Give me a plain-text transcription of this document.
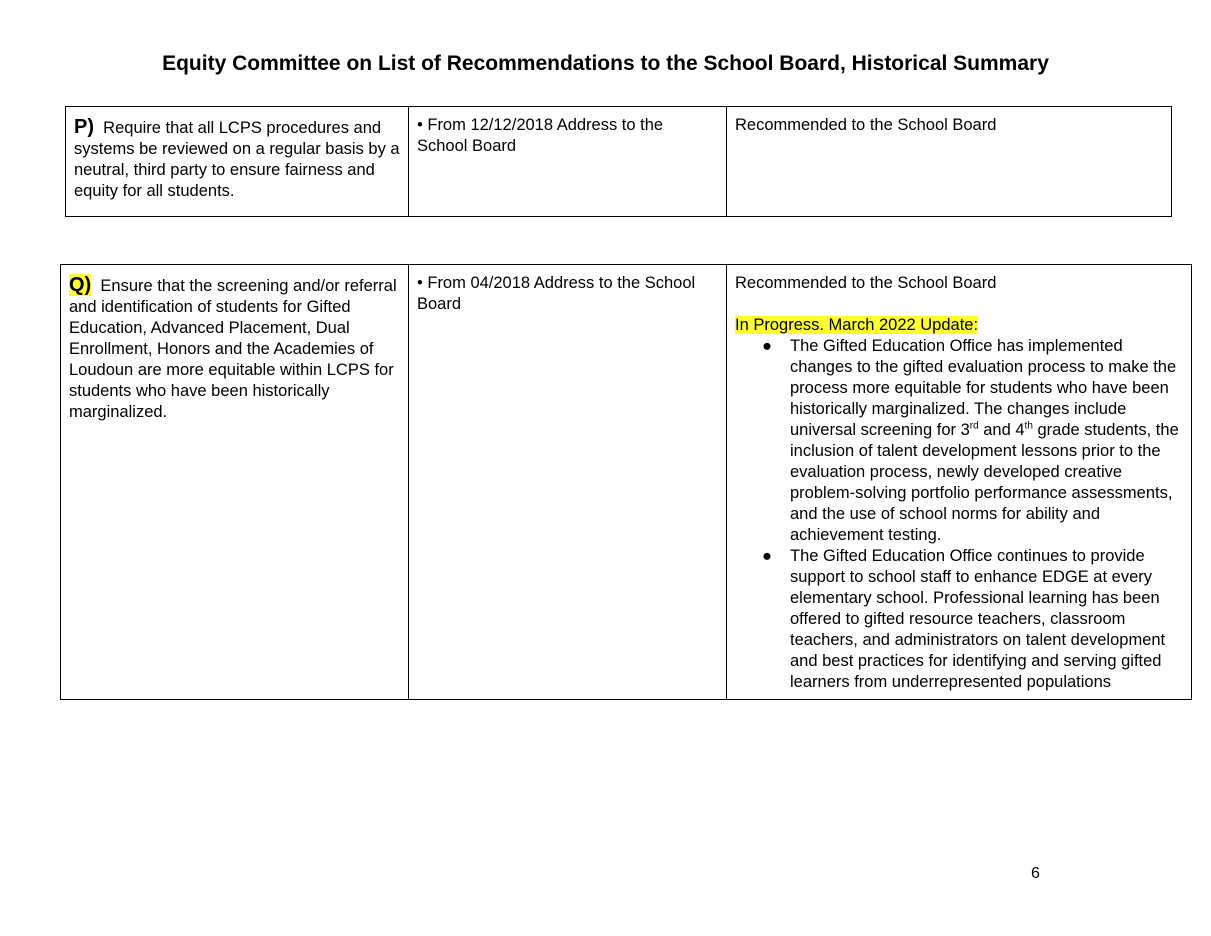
Equity Committee on List of Recommendations to the School Board, Historical Summary
P) Require that all LCPS procedures and systems be reviewed on a regular basis by a neutral, third party to ensure fairness and equity for all students.	• From 12/12/2018 Address to the School Board	Recommended to the School Board
Q) Ensure that the screening and/or referral and identification of students for Gifted Education, Advanced Placement, Dual Enrollment, Honors and the Academies of Loudoun are more equitable within LCPS for students who have been historically marginalized.	• From 04/2018 Address to the School Board	
Recommended to the School Board
In Progress. March 2022 Update:
● The Gifted Education Office has implemented changes to the gifted evaluation process to make the process more equitable for students who have been historically marginalized. The changes include universal screening for 3rd and 4th grade students, the inclusion of talent development lessons prior to the evaluation process, newly developed creative problem-solving portfolio performance assessments, and the use of school norms for ability and achievement testing.
● The Gifted Education Office continues to provide support to school staff to enhance EDGE at every elementary school. Professional learning has been offered to gifted resource teachers, classroom teachers, and administrators on talent development and best practices for identifying and serving gifted learners from underrepresented populations
6
